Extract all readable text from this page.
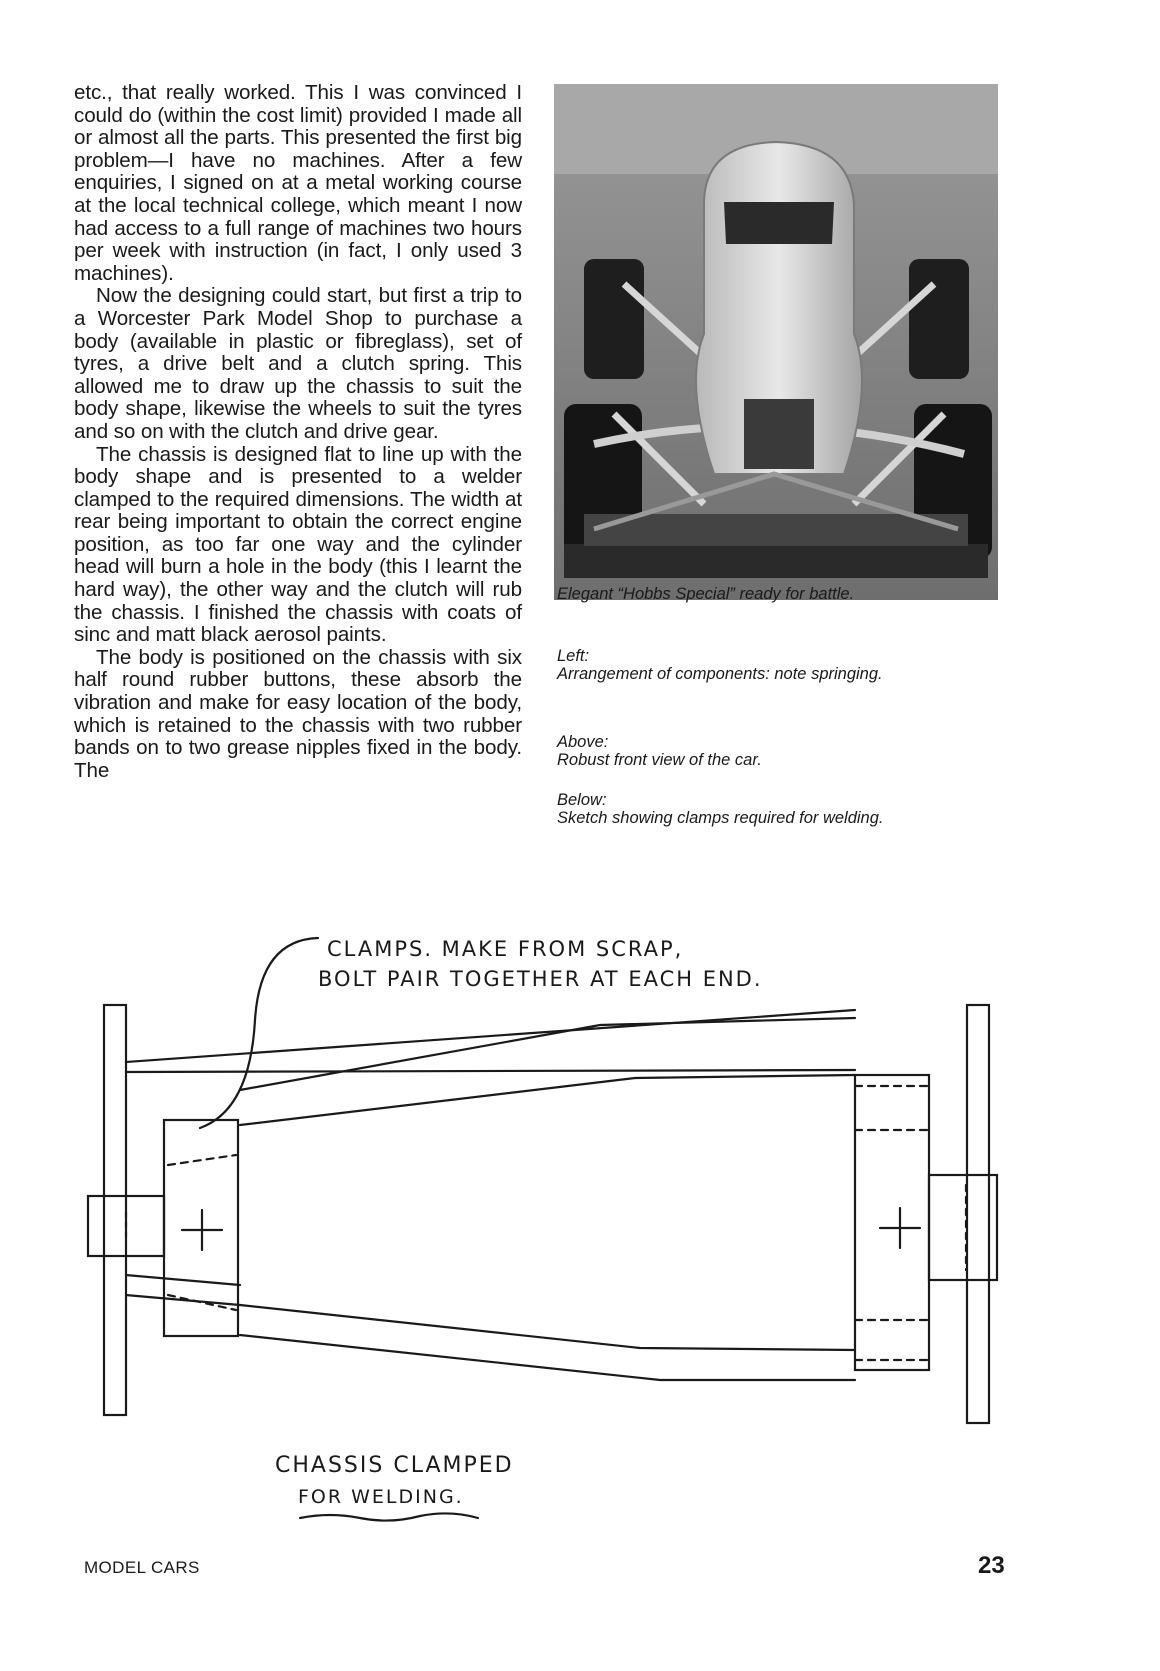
etc., that really worked. This I was convinced I could do (within the cost limit) provided I made all or almost all the parts. This presented the first big problem—I have no machines. After a few enquiries, I signed on at a metal working course at the local technical college, which meant I now had access to a full range of machines two hours per week with instruction (in fact, I only used 3 machines).

Now the designing could start, but first a trip to a Worcester Park Model Shop to purchase a body (available in plastic or fibreglass), set of tyres, a drive belt and a clutch spring. This allowed me to draw up the chassis to suit the body shape, likewise the wheels to suit the tyres and so on with the clutch and drive gear.

The chassis is designed flat to line up with the body shape and is presented to a welder clamped to the required dimensions. The width at rear being important to obtain the correct engine position, as too far one way and the cylinder head will burn a hole in the body (this I learnt the hard way), the other way and the clutch will rub the chassis. I finished the chassis with coats of sinc and matt black aerosol paints.

The body is positioned on the chassis with six half round rubber buttons, these absorb the vibration and make for easy location of the body, which is retained to the chassis with two rubber bands on to two grease nipples fixed in the body. The

Elegant “Hobbs Special” ready for battle.
Left:
Arrangement of components: note springing.
Above:
Robust front view of the car.
Below:
Sketch showing clamps required for welding.
CLAMPS. MAKE FROM SCRAP,
BOLT PAIR TOGETHER AT EACH END.
CHASSIS CLAMPED
FOR WELDING.
MODEL CARS	23
